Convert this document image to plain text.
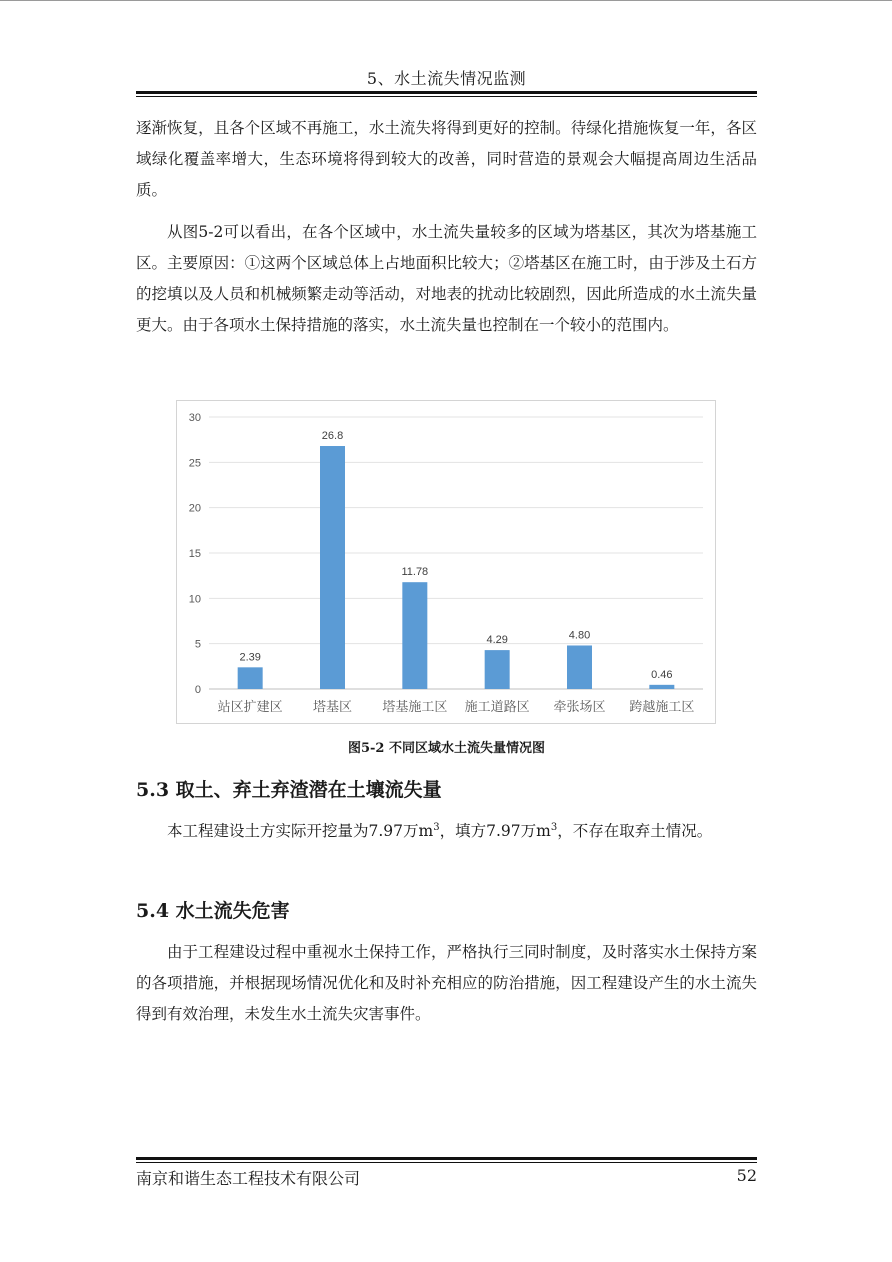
5、水土流失情况监测

逐渐恢复，且各个区域不再施工，水土流失将得到更好的控制。待绿化措施恢复一年，各区域绿化覆盖率增大，生态环境将得到较大的改善，同时营造的景观会大幅提高周边生活品质。

从图5-2可以看出，在各个区域中，水土流失量较多的区域为塔基区，其次为塔基施工区。主要原因：①这两个区域总体上占地面积比较大；②塔基区在施工时，由于涉及土石方的挖填以及人员和机械频繁走动等活动，对地表的扰动比较剧烈，因此所造成的水土流失量更大。由于各项水土保持措施的落实，水土流失量也控制在一个较小的范围内。

0
5
10
15
20
25
30
2.39
站区扩建区
26.8
塔基区
11.78
塔基施工区
4.29
施工道路区
4.80
牵张场区
0.46
跨越施工区
图5-2 不同区域水土流失量情况图
5.3 取土、弃土弃渣潜在土壤流失量

本工程建设土方实际开挖量为7.97万$m^3$，填方7.97万$m^3$，不存在取弃土情况。

5.4 水土流失危害

由于工程建设过程中重视水土保持工作，严格执行三同时制度，及时落实水土保持方案的各项措施，并根据现场情况优化和及时补充相应的防治措施，因工程建设产生的水土流失得到有效治理，未发生水土流失灾害事件。

南京和谐生态工程技术有限公司	52
